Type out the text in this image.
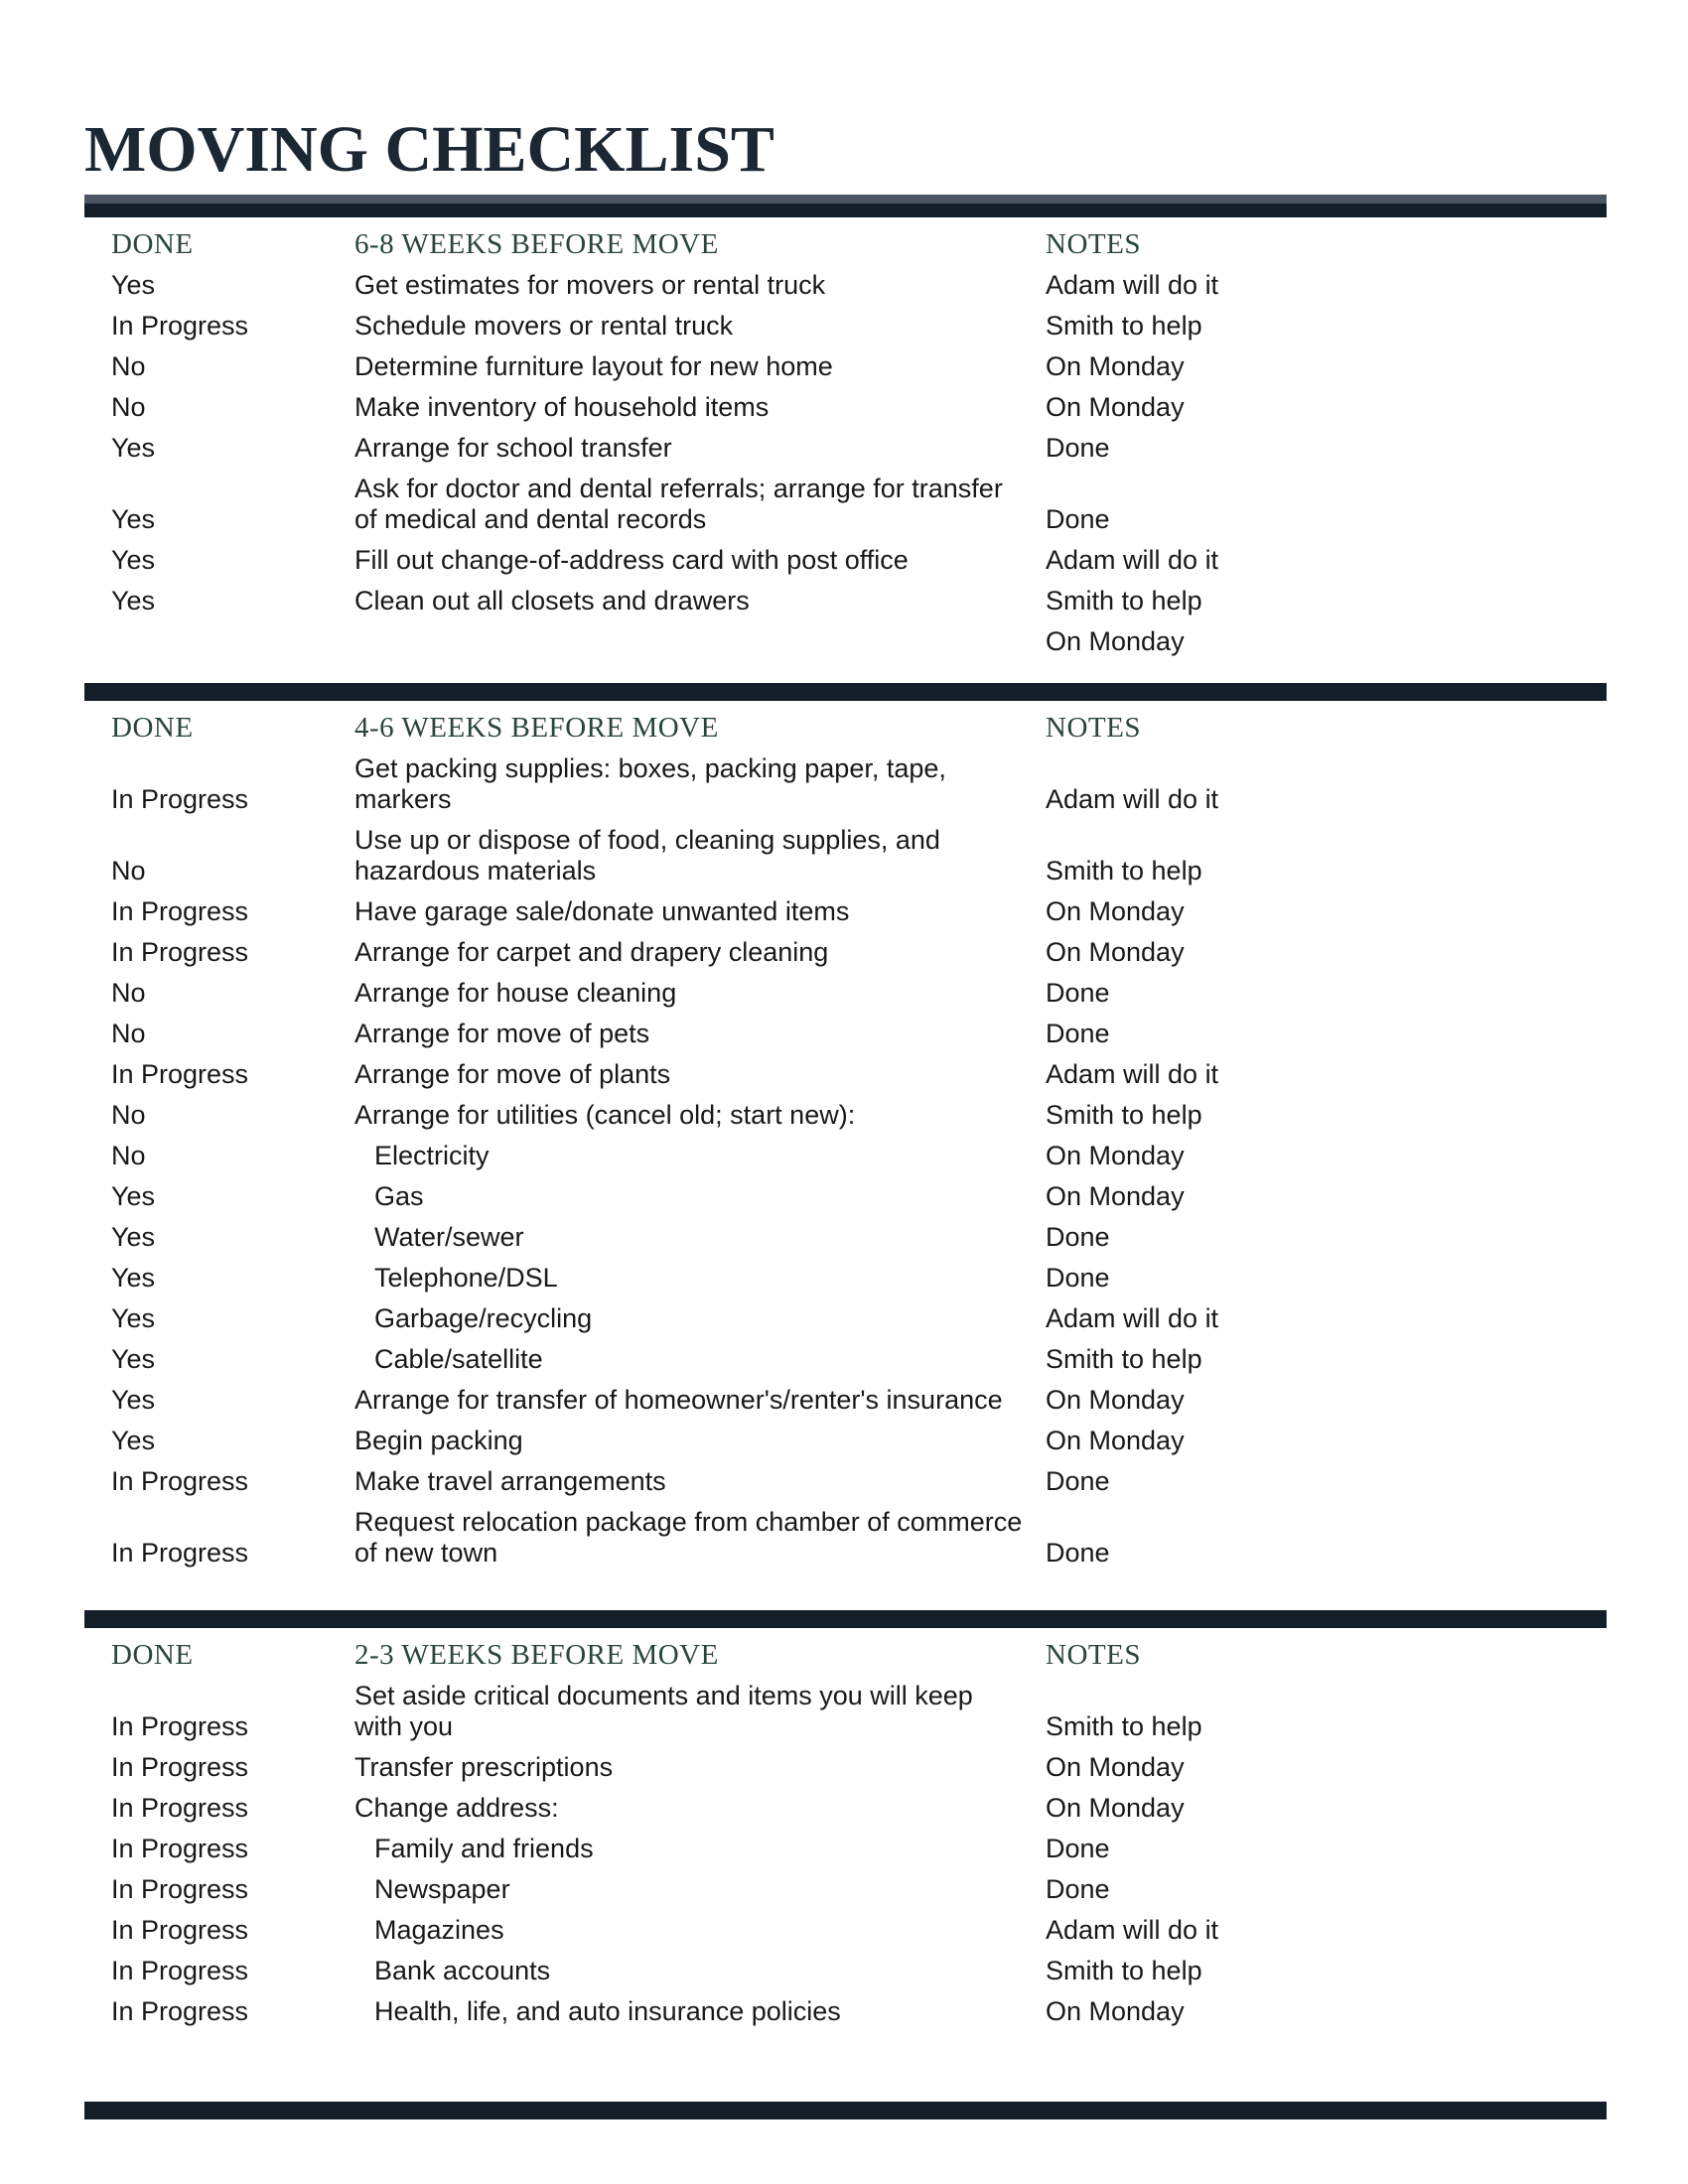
MOVING CHECKLIST
DONE	6-8 WEEKS BEFORE MOVE	NOTES
Yes	Get estimates for movers or rental truck	Adam will do it
In Progress	Schedule movers or rental truck	Smith to help
No	Determine furniture layout for new home	On Monday
No	Make inventory of household items	On Monday
Yes	Arrange for school transfer	Done
Yes	Ask for doctor and dental referrals; arrange for transfer of medical and dental records	Done
Yes	Fill out change-of-address card with post office	Adam will do it
Yes	Clean out all closets and drawers	Smith to help
		On Monday
DONE	4-6 WEEKS BEFORE MOVE	NOTES
In Progress	Get packing supplies: boxes, packing paper, tape, markers	Adam will do it
No	Use up or dispose of food, cleaning supplies, and hazardous materials	Smith to help
In Progress	Have garage sale/donate unwanted items	On Monday
In Progress	Arrange for carpet and drapery cleaning	On Monday
No	Arrange for house cleaning	Done
No	Arrange for move of pets	Done
In Progress	Arrange for move of plants	Adam will do it
No	Arrange for utilities (cancel old; start new):	Smith to help
No	Electricity	On Monday
Yes	Gas	On Monday
Yes	Water/sewer	Done
Yes	Telephone/DSL	Done
Yes	Garbage/recycling	Adam will do it
Yes	Cable/satellite	Smith to help
Yes	Arrange for transfer of homeowner's/renter's insurance	On Monday
Yes	Begin packing	On Monday
In Progress	Make travel arrangements	Done
In Progress	Request relocation package from chamber of commerce of new town	Done
DONE	2-3 WEEKS BEFORE MOVE	NOTES
In Progress	Set aside critical documents and items you will keep with you	Smith to help
In Progress	Transfer prescriptions	On Monday
In Progress	Change address:	On Monday
In Progress	Family and friends	Done
In Progress	Newspaper	Done
In Progress	Magazines	Adam will do it
In Progress	Bank accounts	Smith to help
In Progress	Health, life, and auto insurance policies	On Monday
